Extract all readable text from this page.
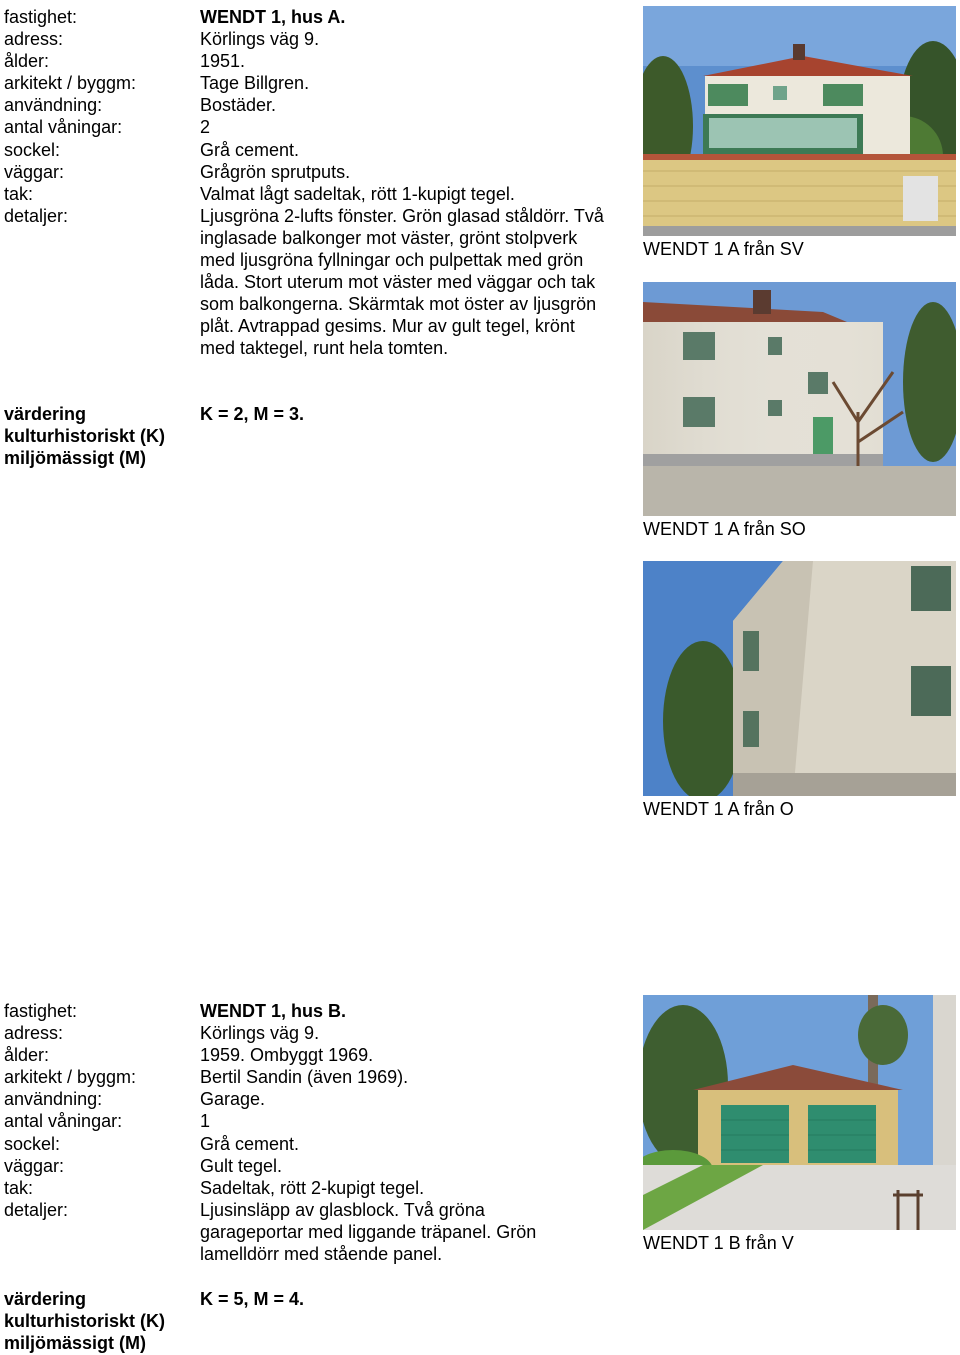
fastighet:	WENDT 1, hus A.
adress:	Körlings väg 9.
ålder:	1951.
arkitekt / byggm:	Tage Billgren.
användning:	Bostäder.
antal våningar:	2
sockel:	Grå cement.
väggar:	Grågrön sprutputs.
tak:	Valmat lågt sadeltak, rött 1-kupigt tegel.
detaljer:	Ljusgröna 2-lufts fönster. Grön glasad ståldörr. Två inglasade balkonger mot väster, grönt stolpverk med ljusgröna fyllningar och pulpettak med grön låda. Stort uterum mot väster med väggar och tak som balkongerna. Skärmtak mot öster av ljusgrön plåt. Avtrappad gesims. Mur av gult tegel, krönt med taktegel, runt hela tomten.
värdering	K = 2, M = 3.
kulturhistoriskt (K)
miljömässigt (M)
WENDT 1 A från SV
WENDT 1 A från SO
WENDT 1 A från O
fastighet:	WENDT 1, hus B.
adress:	Körlings väg 9.
ålder:	1959. Ombyggt 1969.
arkitekt / byggm:	Bertil Sandin (även 1969).
användning:	Garage.
antal våningar:	1
sockel:	Grå cement.
väggar:	Gult tegel.
tak:	Sadeltak, rött 2-kupigt tegel.
detaljer:	Ljusinsläpp av glasblock. Två gröna garageportar med liggande träpanel. Grön lamelldörr med stående panel.
värdering	K = 5, M = 4.
kulturhistoriskt (K)
miljömässigt (M)
WENDT 1 B från V
